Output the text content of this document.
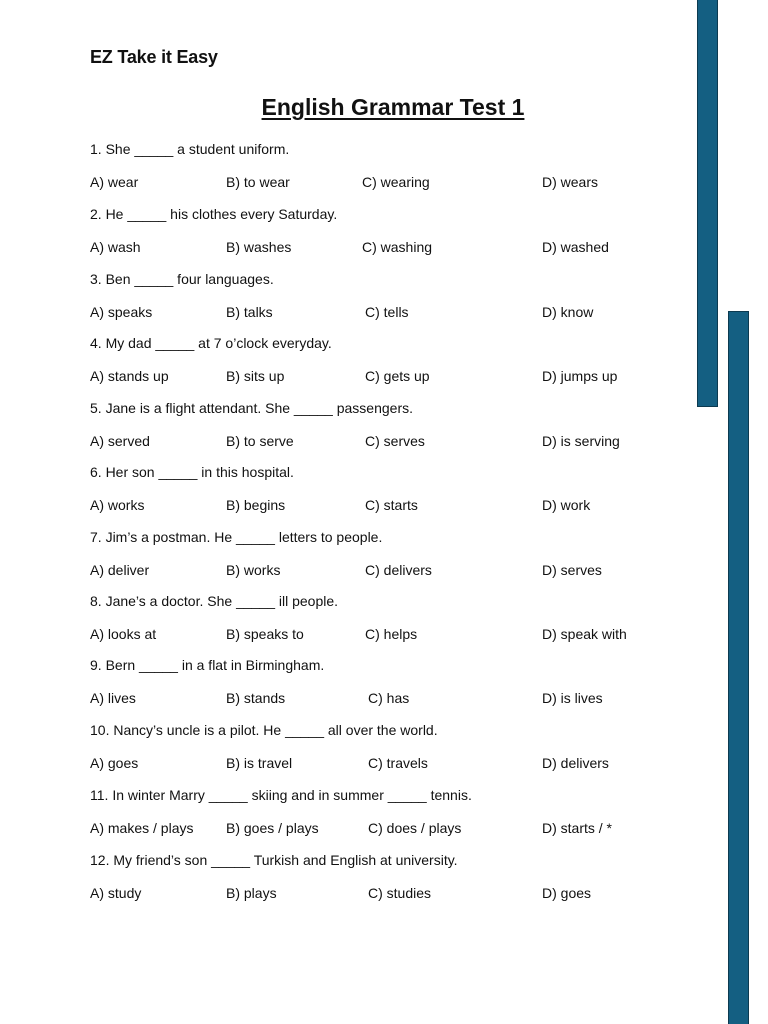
EZ Take it Easy
English Grammar Test 1
1. She _____ a student uniform.
A) wear	B) to wear	C) wearing	D) wears
2. He _____ his clothes every Saturday.
A) wash	B) washes	C) washing	D) washed
3. Ben _____ four languages.
A) speaks	B) talks	C) tells	D) know
4. My dad _____ at 7 o’clock everyday.
A) stands up	B) sits up	C) gets up	D) jumps up
5. Jane is a flight attendant. She _____ passengers.
A) served	B) to serve	C) serves	D) is serving
6. Her son _____ in this hospital.
A) works	B) begins	C) starts	D) work
7. Jim’s a postman. He _____ letters to people.
A) deliver	B) works	C) delivers	D) serves
8. Jane’s a doctor. She _____ ill people.
A) looks at	B) speaks to	C) helps	D) speak with
9. Bern _____ in a flat in Birmingham.
A) lives	B) stands	C) has	D) is lives
10. Nancy’s uncle is a pilot. He _____ all over the world.
A) goes	B) is travel	C) travels	D) delivers
11. In winter Marry _____ skiing and in summer _____ tennis.
A) makes / plays B) goes / plays	C) does / plays	D) starts / *
12. My friend’s son _____ Turkish and English at university.
A) study	B) plays	C) studies	D) goes
